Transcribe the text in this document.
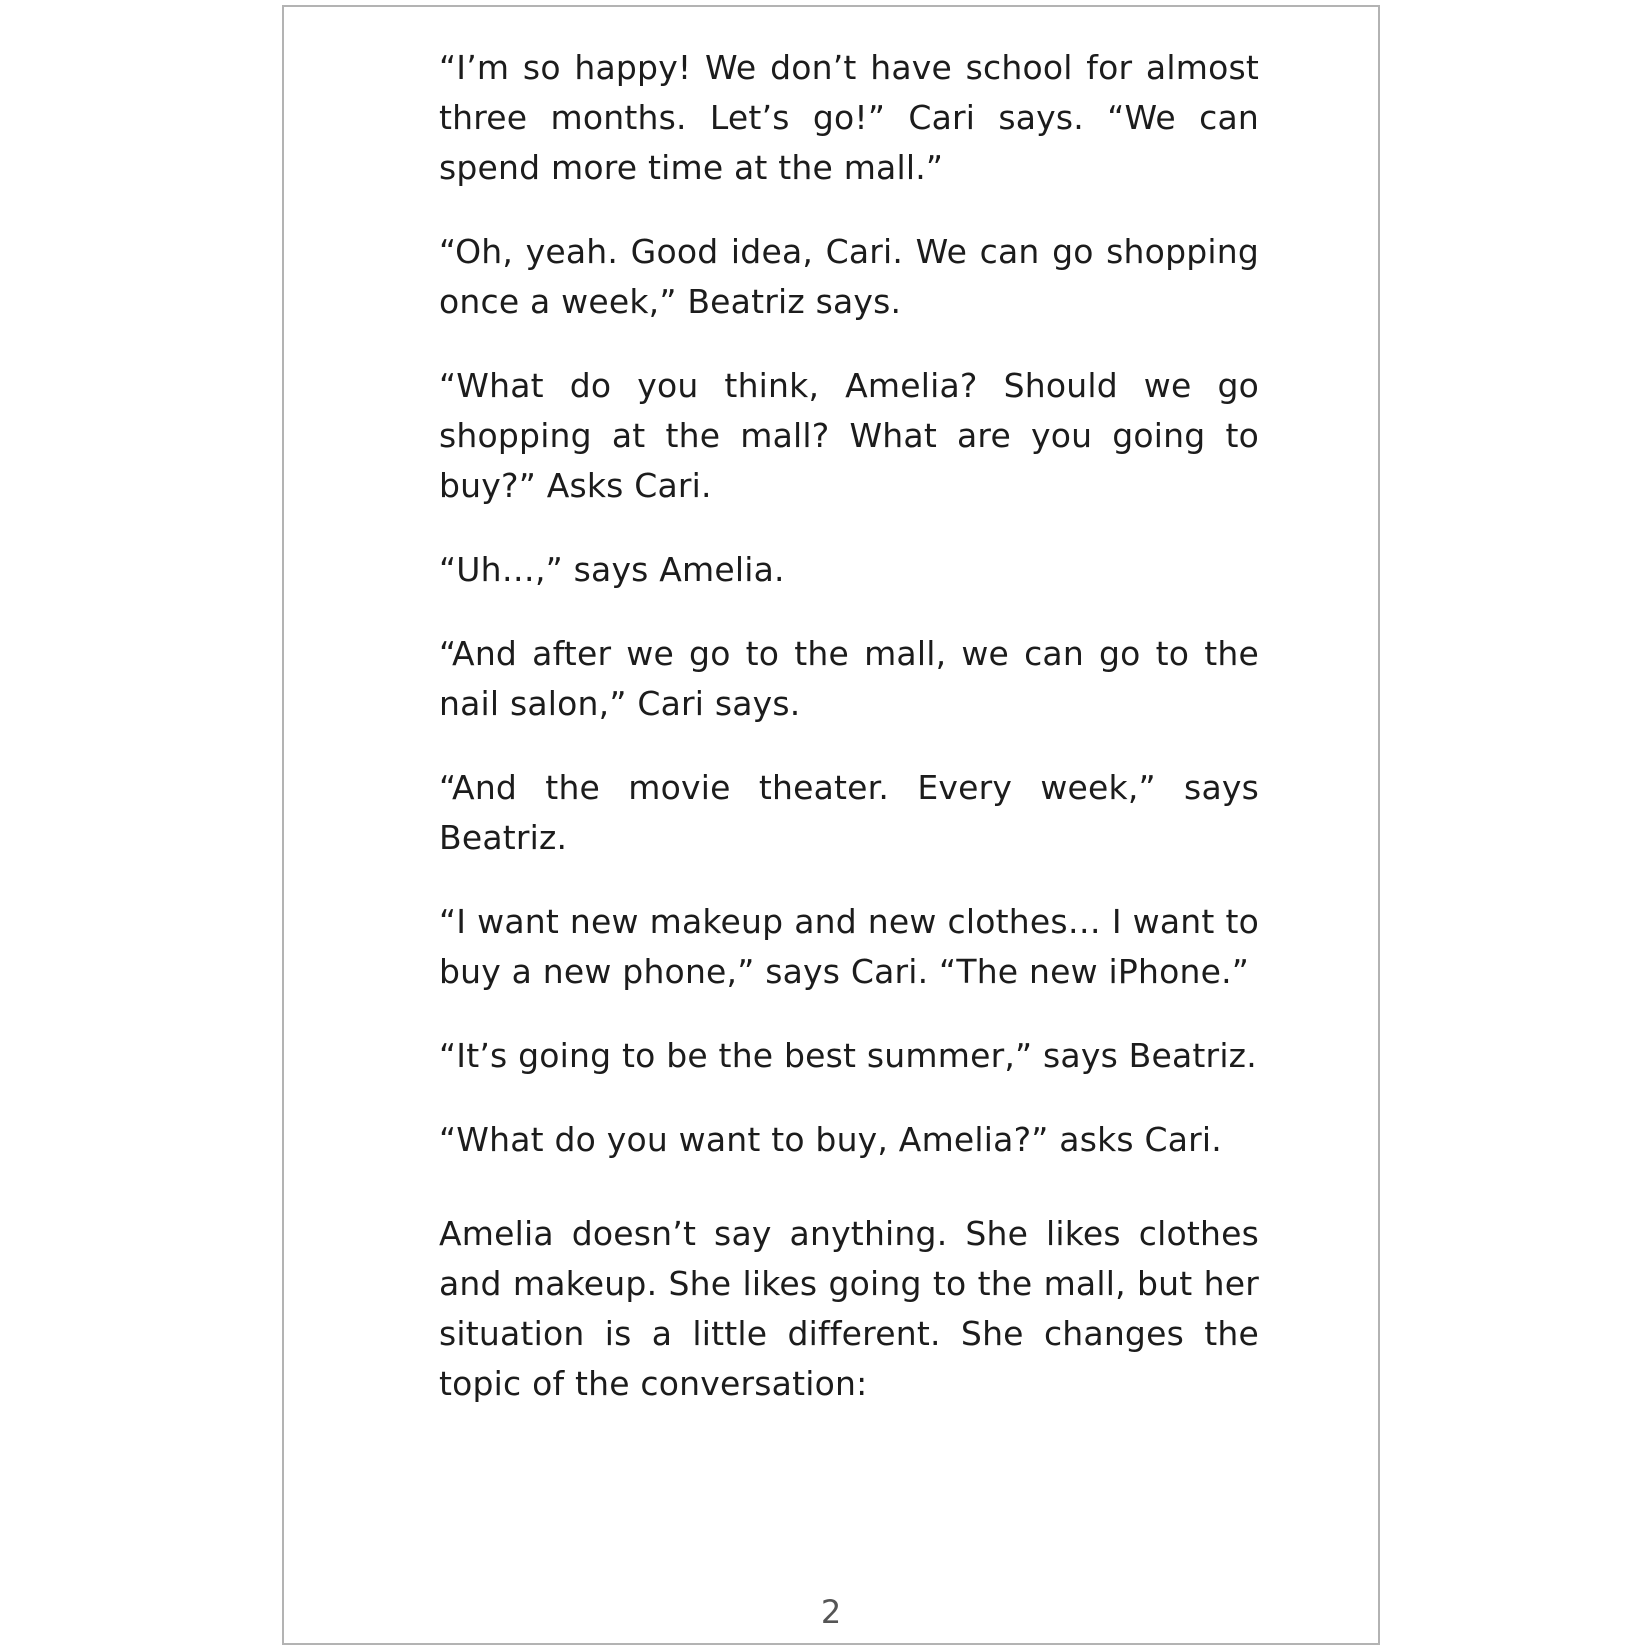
“I’m so happy! We don’t have school for almost three months. Let’s go!” Cari says. “We can spend more time at the mall.”

“Oh, yeah. Good idea, Cari. We can go shopping once a week,” Beatriz says.

“What do you think, Amelia? Should we go shopping at the mall? What are you going to buy?” Asks Cari.

“Uh…,” says Amelia.

“And after we go to the mall, we can go to the nail salon,” Cari says.

“And the movie theater. Every week,” says Beatriz.

“I want new makeup and new clothes… I want to buy a new phone,” says Cari. “The new iPhone.”

“It’s going to be the best summer,” says Beatriz.

“What do you want to buy, Amelia?” asks Cari.

Amelia doesn’t say anything. She likes clothes and makeup. She likes going to the mall, but her situation is a little different. She changes the topic of the conversation:

2
